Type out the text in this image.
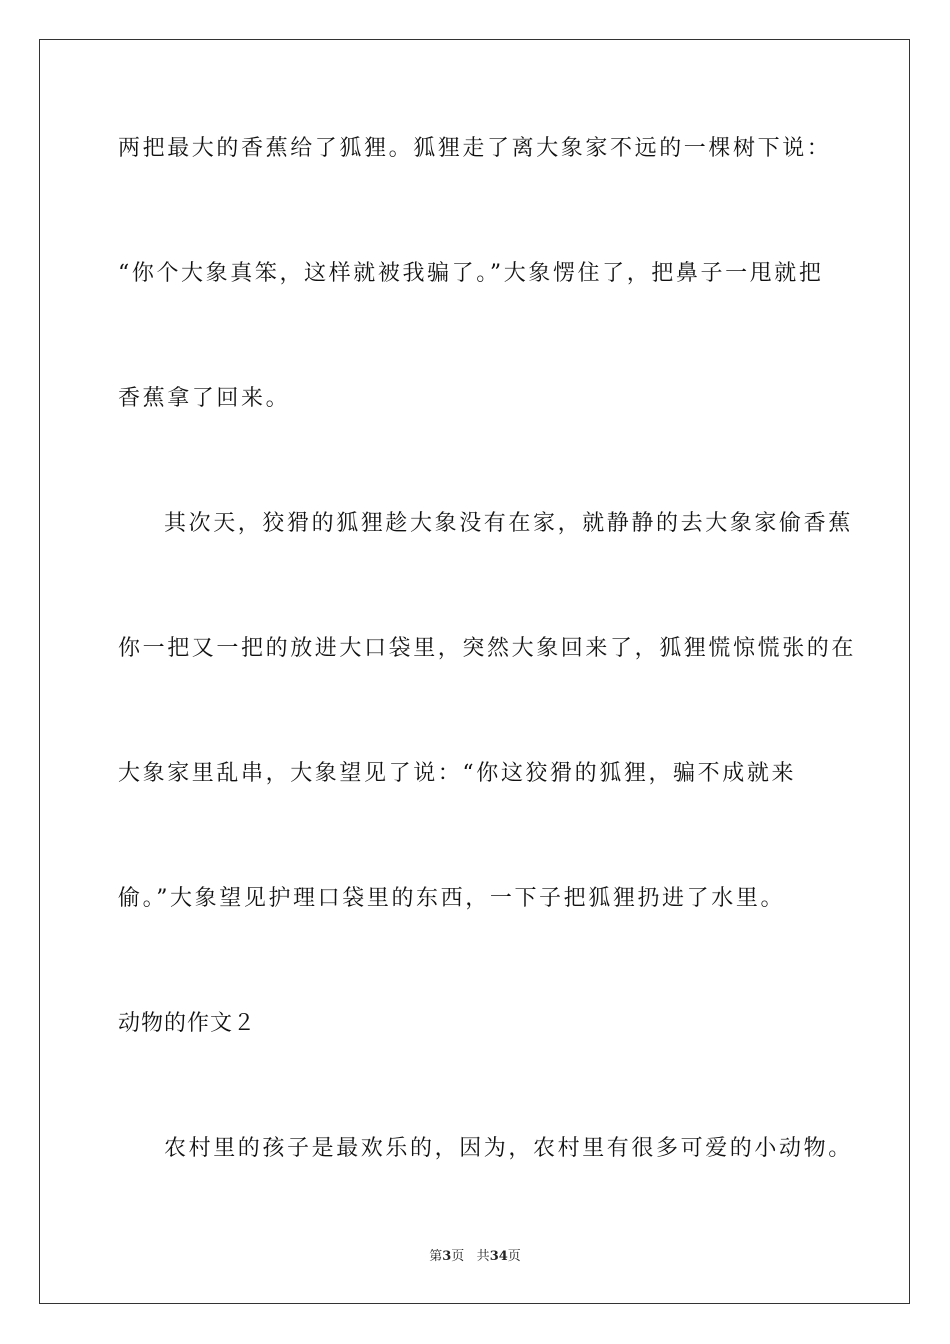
两把最大的香蕉给了狐狸。狐狸走了离大象家不远的一棵树下说：
“你个大象真笨，这样就被我骗了。”大象愣住了，把鼻子一甩就把
香蕉拿了回来。
其次天，狡猾的狐狸趁大象没有在家，就静静的去大象家偷香蕉
你一把又一把的放进大口袋里，突然大象回来了，狐狸慌惊慌张的在
大象家里乱串，大象望见了说：“你这狡猾的狐狸，骗不成就来
偷。”大象望见护理口袋里的东西，一下子把狐狸扔进了水里。
动物的作文２
农村里的孩子是最欢乐的，因为，农村里有很多可爱的小动物。
第3页 共34页
